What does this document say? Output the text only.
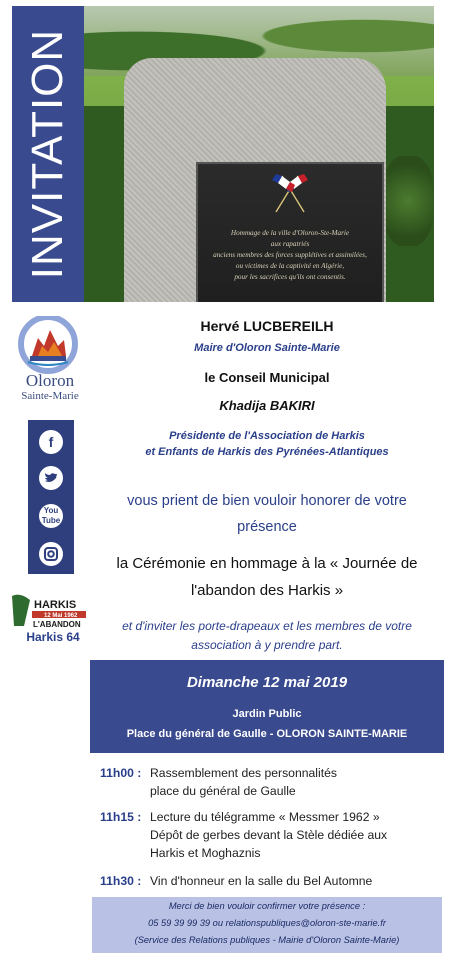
INVITATION	Hommage de la ville d'Oloron-Ste-Marie
aux rapatriés
anciens membres des forces supplétives et assimilées,
ou victimes de la captivité en Algérie,
pour les sacrifices qu'ils ont consentis.
Oloron
Sainte-Marie
f
You
Tube
HARKIS
12 Mai 1962
L'ABANDON
Harkis 64
Hervé LUCBEREILH
Maire d'Oloron Sainte-Marie
le Conseil Municipal
Khadija BAKIRI
Présidente de l'Association de Harkis
et Enfants de Harkis des Pyrénées-Atlantiques
vous prient de bien vouloir honorer de votre
présence
la Cérémonie en hommage à la « Journée de
l'abandon des Harkis »
et d'inviter les porte-drapeaux et les membres de votre
association à y prendre part.
Dimanche 12 mai 2019
Jardin Public
Place du général de Gaulle - OLORON SAINTE-MARIE
11h00 : Rassemblement des personnalités
place du général de Gaulle
11h15 : Lecture du télégramme « Messmer 1962 »
Dépôt de gerbes devant la Stèle dédiée aux
Harkis et Moghaznis
11h30 : Vin d'honneur en la salle du Bel Automne
Merci de bien vouloir confirmer votre présence :
05 59 39 99 39 ou relationspubliques@oloron-ste-marie.fr
(Service des Relations publiques - Mairie d'Oloron Sainte-Marie)
